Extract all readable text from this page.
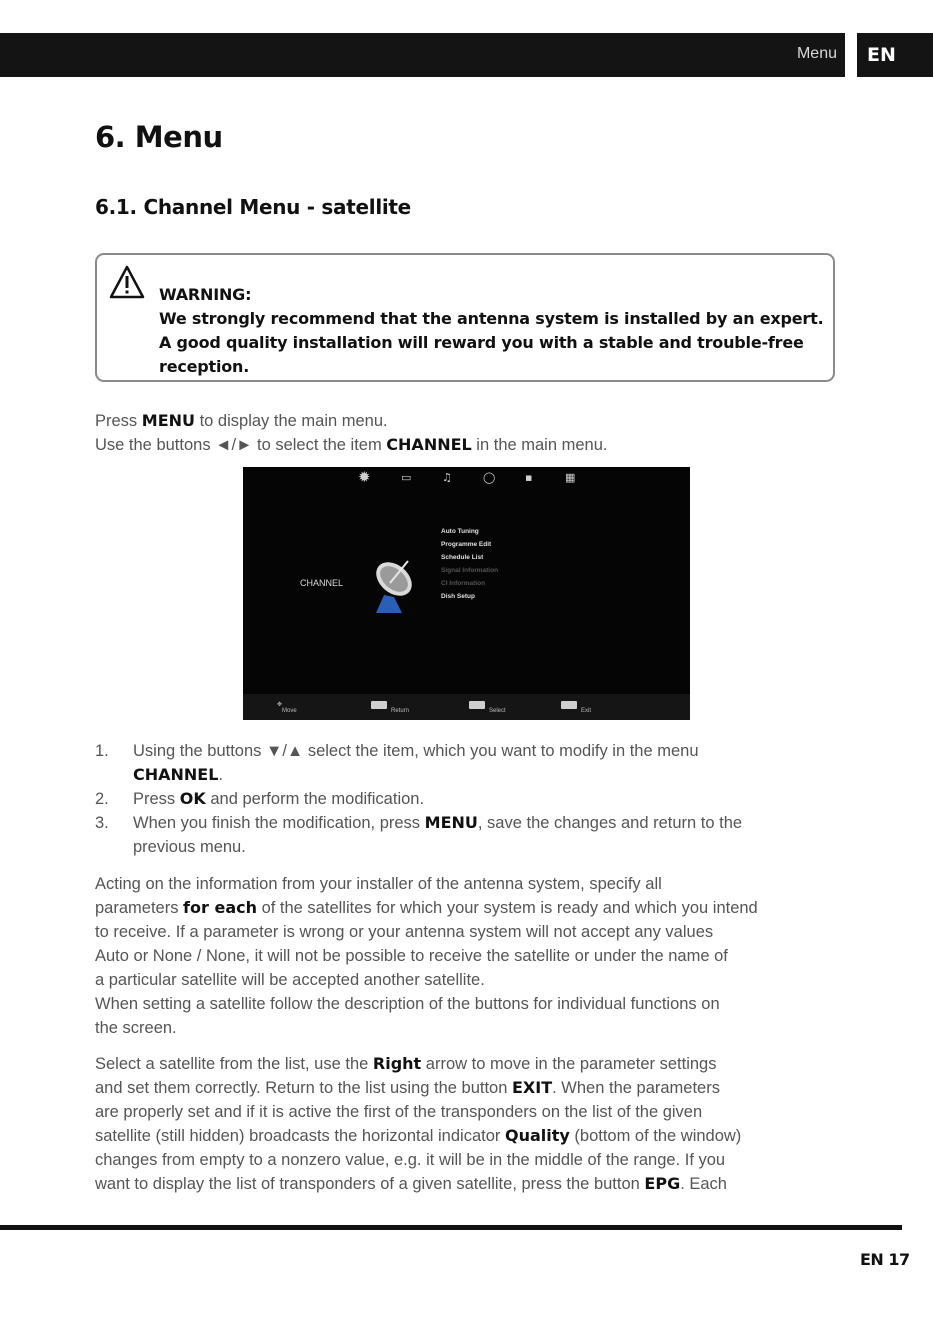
Menu	EN
6. Menu
6.1. Channel Menu - satellite
WARNING:
We strongly recommend that the antenna system is installed by an expert.
A good quality installation will reward you with a stable and trouble-free
reception.
Press MENU to display the main menu.
Use the buttons ◄/► to select the item CHANNEL in the main menu.
✹	▭	♫	◯	▪	▦
CHANNEL
Auto Tuning
Programme Edit
Schedule List
Signal Information
CI Information
Dish Setup
✥
Move	Return	Select	Exit
1. Using the buttons ▼/▲ select the item, which you want to modify in the menu
CHANNEL.
2. Press OK and perform the modification.
3. When you finish the modification, press MENU, save the changes and return to the
previous menu.
Acting on the information from your installer of the antenna system, specify all
parameters for each of the satellites for which your system is ready and which you intend
to receive. If a parameter is wrong or your antenna system will not accept any values
Auto or None / None, it will not be possible to receive the satellite or under the name of
a particular satellite will be accepted another satellite.
When setting a satellite follow the description of the buttons for individual functions on
the screen.
Select a satellite from the list, use the Right arrow to move in the parameter settings
and set them correctly. Return to the list using the button EXIT. When the parameters
are properly set and if it is active the first of the transponders on the list of the given
satellite (still hidden) broadcasts the horizontal indicator Quality (bottom of the window)
changes from empty to a nonzero value, e.g. it will be in the middle of the range. If you
want to display the list of transponders of a given satellite, press the button EPG. Each
EN 17
